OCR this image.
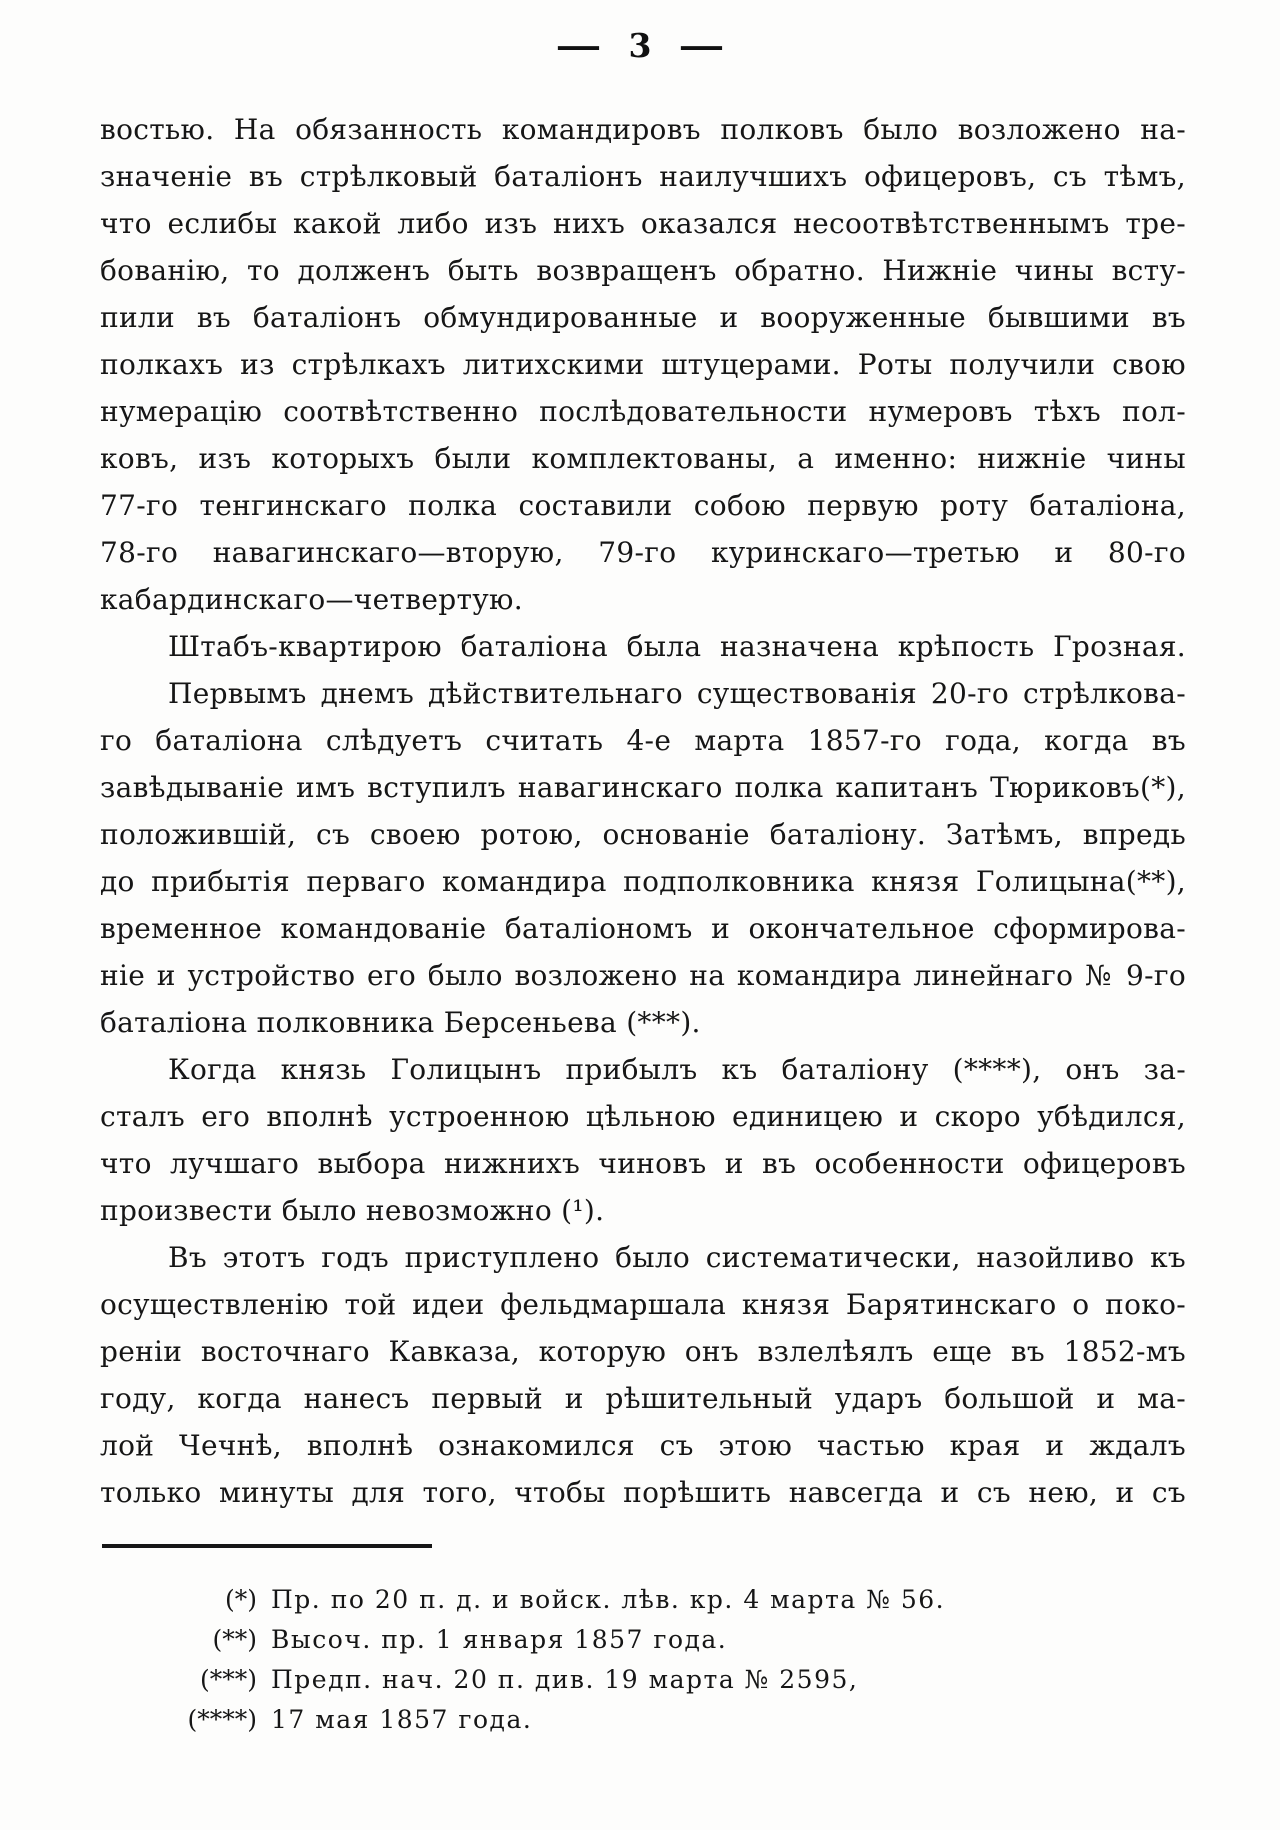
— 3 —
востью. На обязанность командировъ полковъ было возложено на-
значеніе въ стрѣлковый баталіонъ наилучшихъ офицеровъ, съ тѣмъ,
что еслибы какой либо изъ нихъ оказался несоотвѣтственнымъ тре-
бованію, то долженъ быть возвращенъ обратно. Нижніе чины всту-
пили въ баталіонъ обмундированные и вооруженные бывшими въ
полкахъ из стрѣлкахъ литихскими штуцерами. Роты получили свою
нумерацію соотвѣтственно послѣдовательности нумеровъ тѣхъ пол-
ковъ, изъ которыхъ были комплектованы, а именно: нижніе чины
77-го тенгинскаго полка составили собою первую роту баталіона,
78-го навагинскаго—вторую, 79-го куринскаго—третью и 80-го
кабардинскаго—четвертую.
Штабъ-квартирою баталіона была назначена крѣпость Грозная.
Первымъ днемъ дѣйствительнаго существованія 20-го стрѣлкова-
го баталіона слѣдуетъ считать 4-е марта 1857-го года, когда въ
завѣдываніе имъ вступилъ навагинскаго полка капитанъ Тюриковъ(*),
положившій, съ своею ротою, основаніе баталіону. Затѣмъ, впредь
до прибытія перваго командира подполковника князя Голицына(**),
временное командованіе баталіономъ и окончательное сформирова-
ніе и устройство его было возложено на командира линейнаго № 9-го
баталіона полковника Берсеньева (***).
Когда князь Голицынъ прибылъ къ баталіону (****), онъ за-
сталъ его вполнѣ устроенною цѣльною единицею и скоро убѣдился,
что лучшаго выбора нижнихъ чиновъ и въ особенности офицеровъ
произвести было невозможно (¹).
Въ этотъ годъ приступлено было систематически, назойливо къ
осуществленію той идеи фельдмаршала князя Барятинскаго о поко-
реніи восточнаго Кавказа, которую онъ взлелѣялъ еще въ 1852-мъ
году, когда нанесъ первый и рѣшительный ударъ большой и ма-
лой Чечнѣ, вполнѣ ознакомился съ этою частью края и ждалъ
только минуты для того, чтобы порѣшить навсегда и съ нею, и съ
(*) Пр. по 20 п. д. и войск. лѣв. кр. 4 марта № 56.
(**) Высоч. пр. 1 января 1857 года.
(***) Предп. нач. 20 п. див. 19 марта № 2595,
(****) 17 мая 1857 года.
